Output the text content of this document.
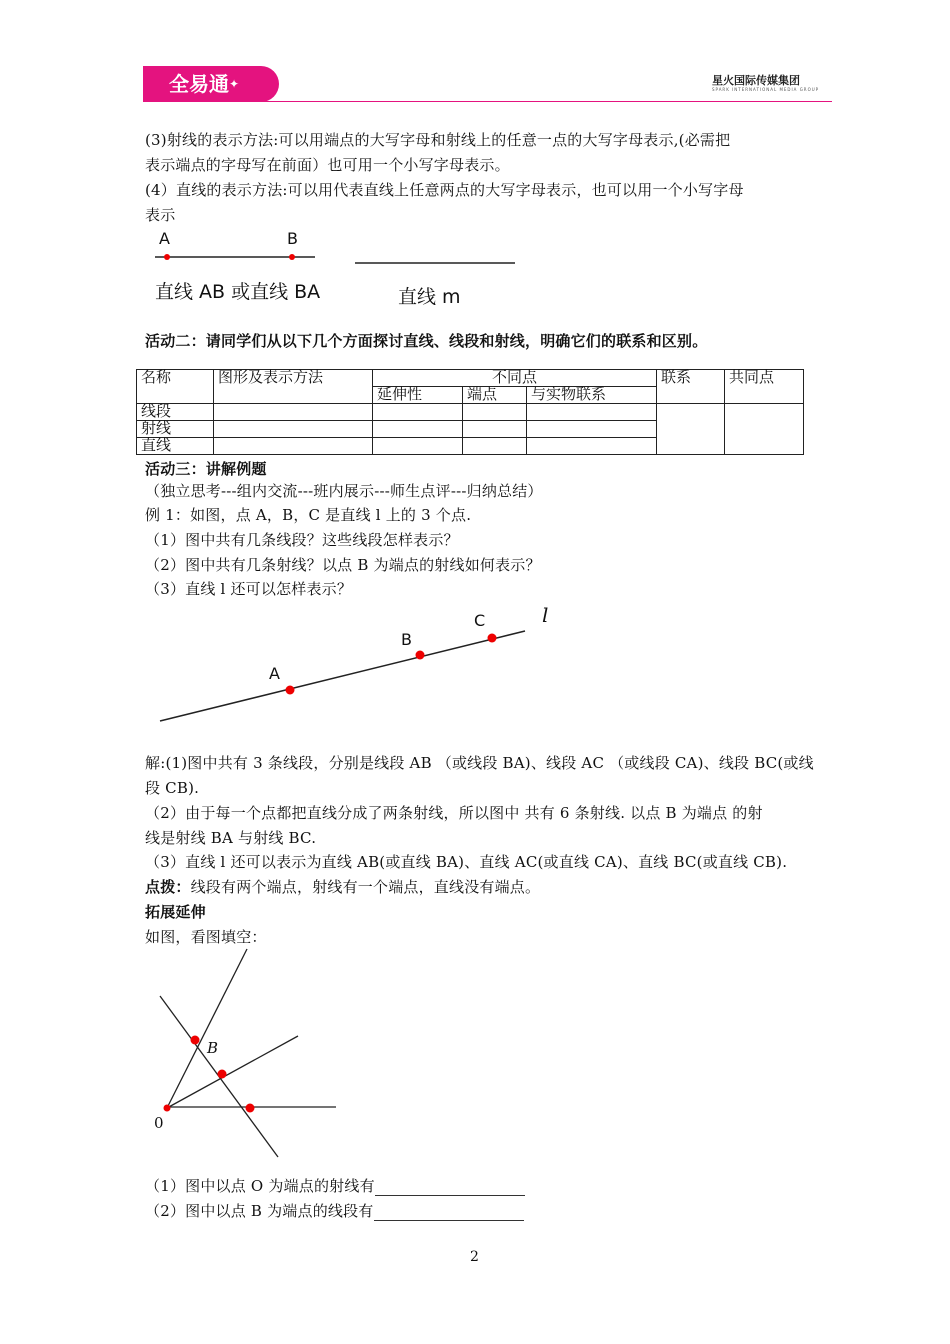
全易通✦	星火国际传媒集团
SPARK INTERNATIONAL MEDIA GROUP
(3)射线的表示方法:可以用端点的大写字母和射线上的任意一点的大写字母表示,(必需把
表示端点的字母写在前面）也可用一个小写字母表示。
(4）直线的表示方法:可以用代表直线上任意两点的大写字母表示，也可以用一个小写字母
表示
A	B
直线 AB 或直线 BA	直线 m
活动二：请同学们从以下几个方面探讨直线、线段和射线，明确它们的联系和区别。
名称	图形及表示方法	不同点			联系	共同点
		延伸性	端点	与实物联系		
线段						
射线						
直线						
活动三：讲解例题
（独立思考---组内交流---班内展示---师生点评---归纳总结）
例 1：如图，点 A，B，C 是直线 l 上的 3 个点.
（1）图中共有几条线段？这些线段怎样表示？
（2）图中共有几条射线？以点 B 为端点的射线如何表示？
（3）直线 l 还可以怎样表示？
A
B
C	l
解:(1)图中共有 3 条线段，分别是线段 AB （或线段 BA)、线段 AC （或线段 CA)、线段 BC(或线
段 CB).
（2）由于每一个点都把直线分成了两条射线，所以图中 共有 6 条射线. 以点 B 为端点 的射
线是射线 BA 与射线 BC.
（3）直线 l 还可以表示为直线 AB(或直线 BA)、直线 AC(或直线 CA)、直线 BC(或直线 CB).
点拨：线段有两个端点，射线有一个端点，直线没有端点。
拓展延伸
如图，看图填空：
B
0
（1）图中以点 O 为端点的射线有
（2）图中以点 B 为端点的线段有
2
